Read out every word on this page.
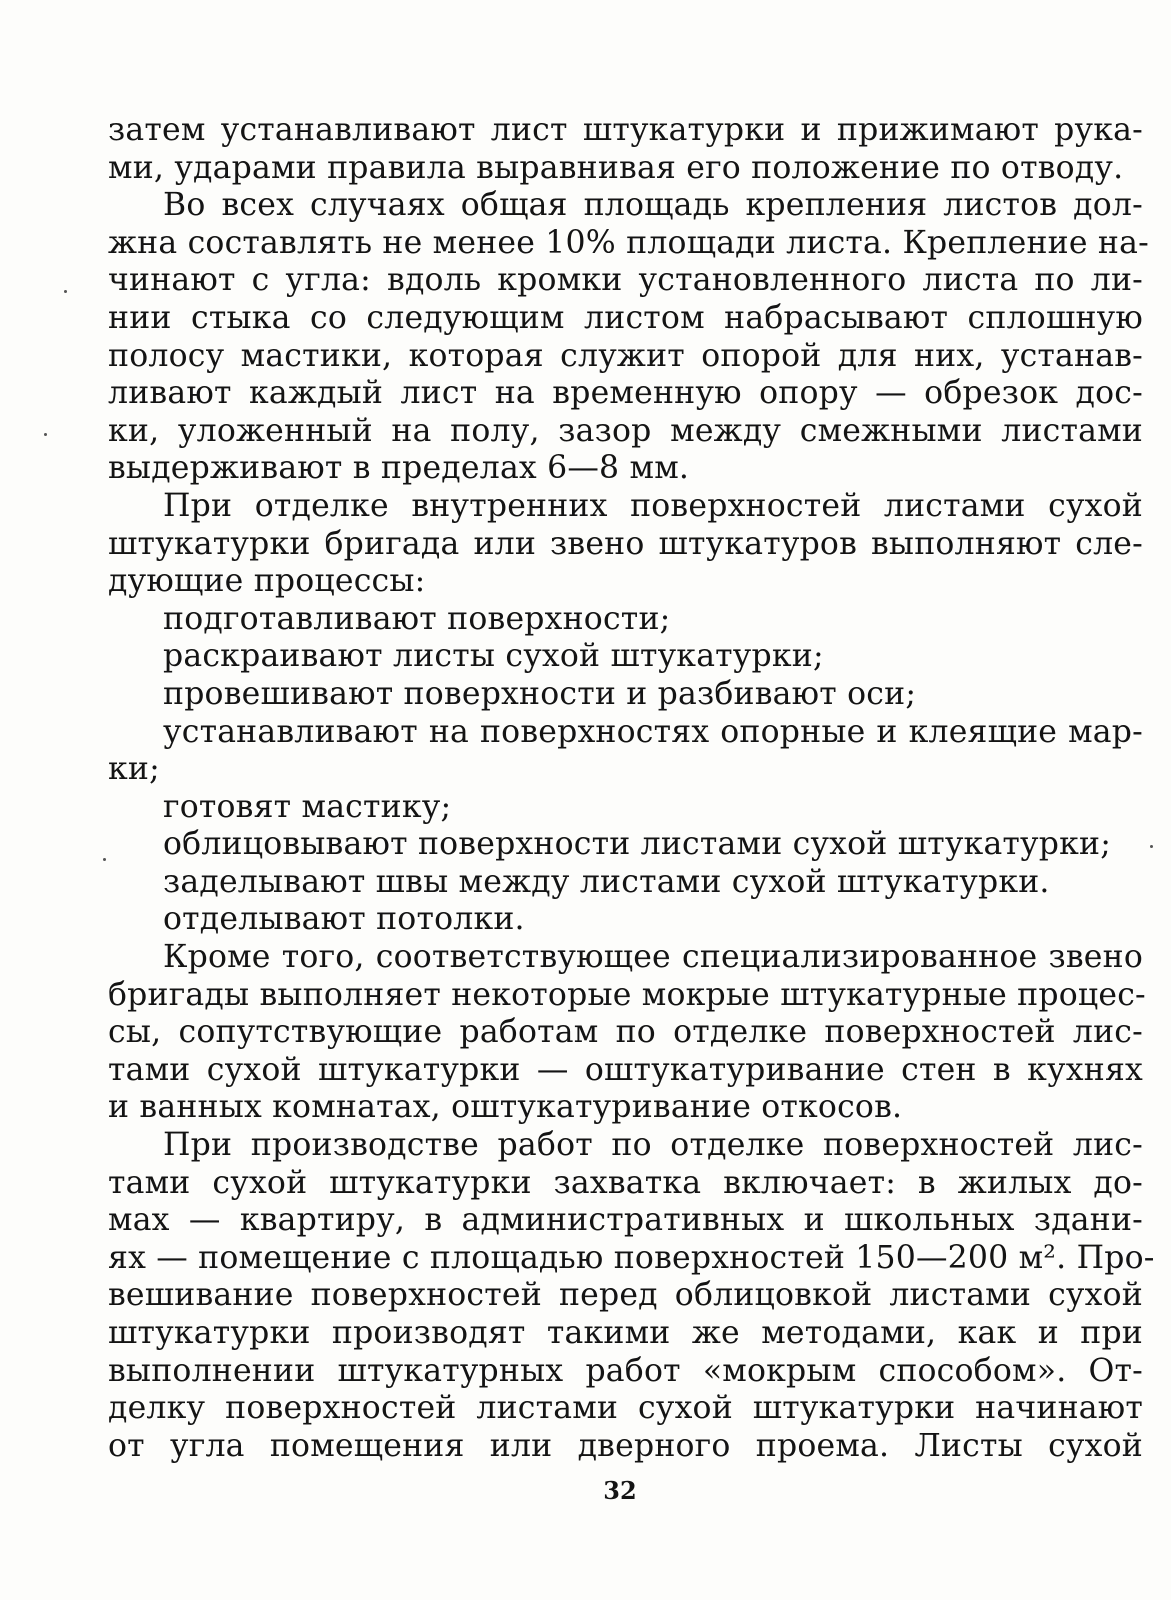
затем устанавливают лист штукатурки и прижимают рука-
ми, ударами правила выравнивая его положение по отводу.
Во всех случаях общая площадь крепления листов дол-
жна составлять не менее 10% площади листа. Крепление на-
чинают с угла: вдоль кромки установленного листа по ли-
нии стыка со следующим листом набрасывают сплошную
полосу мастики, которая служит опорой для них, устанав-
ливают каждый лист на временную опору — обрезок дос-
ки, уложенный на полу, зазор между смежными листами
выдерживают в пределах 6—8 мм.
При отделке внутренних поверхностей листами сухой
штукатурки бригада или звено штукатуров выполняют сле-
дующие процессы:
подготавливают поверхности;
раскраивают листы сухой штукатурки;
провешивают поверхности и разбивают оси;
устанавливают на поверхностях опорные и клеящие мар-
ки;
готовят мастику;
облицовывают поверхности листами сухой штукатурки;
заделывают швы между листами сухой штукатурки.
отделывают потолки.
Кроме того, соответствующее специализированное звено
бригады выполняет некоторые мокрые штукатурные процес-
сы, сопутствующие работам по отделке поверхностей лис-
тами сухой штукатурки — оштукатуривание стен в кухнях
и ванных комнатах, оштукатуривание откосов.
При производстве работ по отделке поверхностей лис-
тами сухой штукатурки захватка включает: в жилых до-
мах — квартиру, в административных и школьных здани-
ях — помещение с площадью поверхностей 150—200 м². Про-
вешивание поверхностей перед облицовкой листами сухой
штукатурки производят такими же методами, как и при
выполнении штукатурных работ «мокрым способом». От-
делку поверхностей листами сухой штукатурки начинают
от угла помещения или дверного проема. Листы сухой
32
